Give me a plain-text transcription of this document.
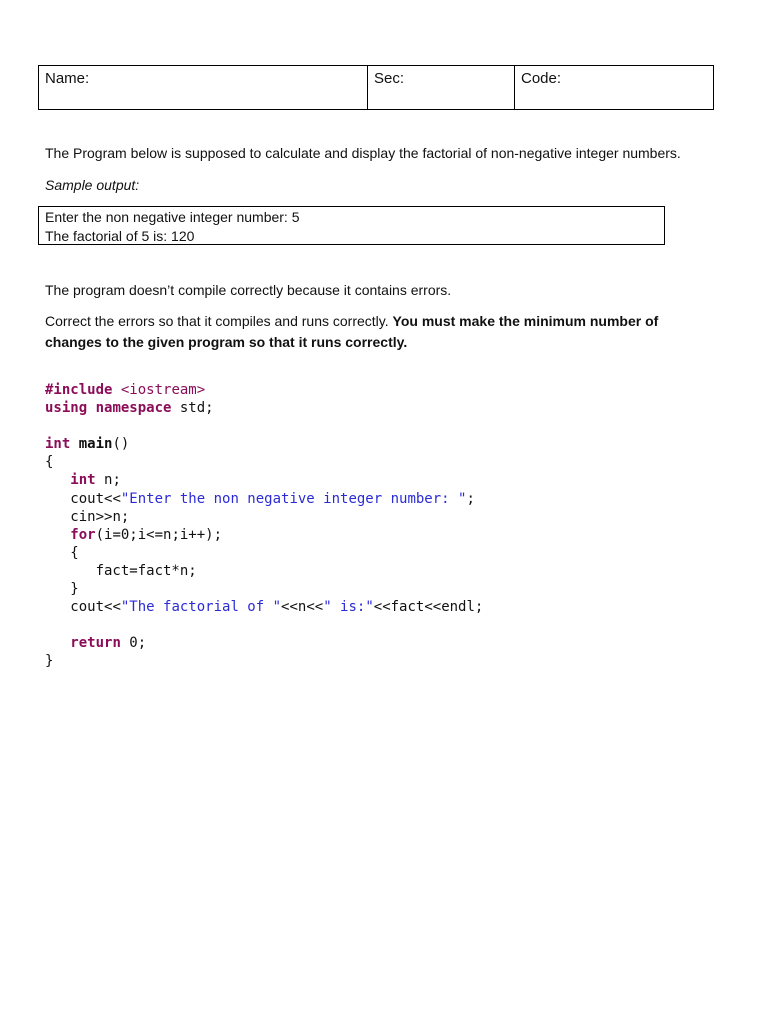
Name:	Sec:	Code:
The Program below is supposed to calculate and display the factorial of non-negative integer numbers.
Sample output:
Enter the non negative integer number: 5
The factorial of 5 is: 120
The program doesn’t compile correctly because it contains errors.
Correct the errors so that it compiles and runs correctly. You must make the minimum number of changes to the given program so that it runs correctly.
#include <iostream>
using namespace std;
int main()
{
int n;
cout<<"Enter the non negative integer number: ";
cin>>n;
for(i=0;i<=n;i++);
{
fact=fact*n;
}
cout<<"The factorial of "<<n<<" is:"<<fact<<endl;
return 0;
}
